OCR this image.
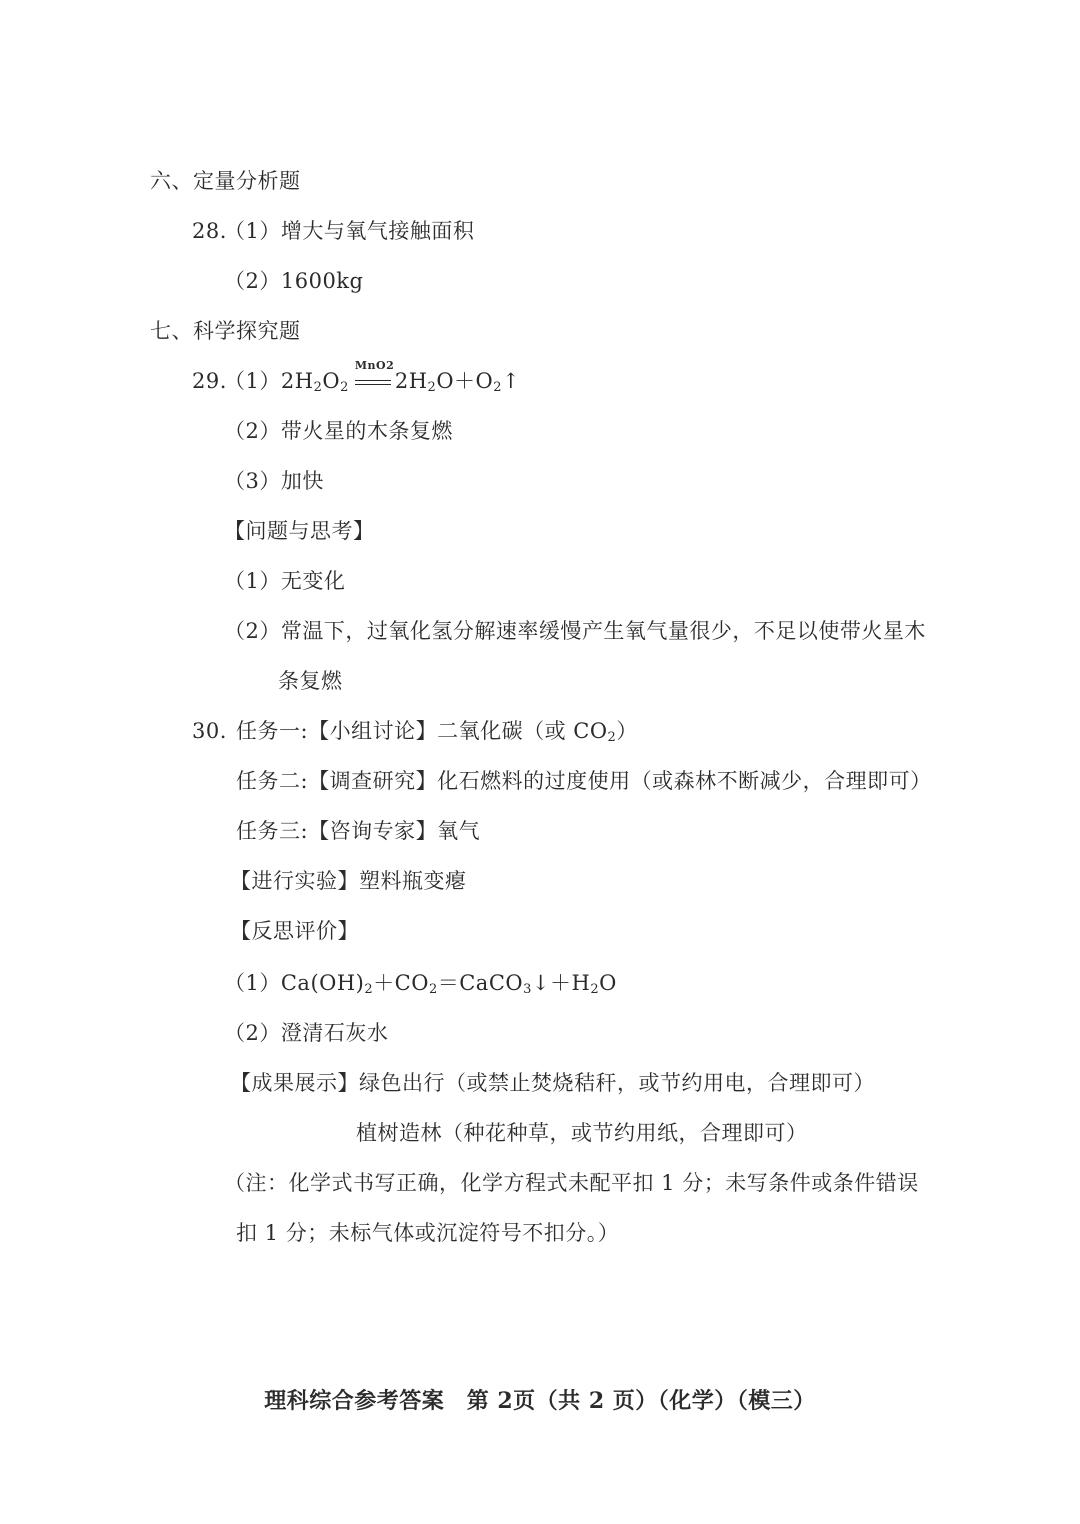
六、定量分析题
28.
（1）增大与氧气接触面积
（2）1600kg
七、科学探究题
29.
$(1)2H_2O_2$
MnO2
$2H_2O+O_2↑$
（2）带火星的木条复燃
（3）加快
【问题与思考】
（1）无变化
（2）常温下，过氧化氢分解速率缓慢产生氧气量很少，不足以使带火星木
条复燃
30. 任务一:【小组讨论】二氧化碳（或 $CO_2$）
任务二:【调查研究】化石燃料的过度使用（或森林不断减少，合理即可）
任务三:【咨询专家】氧气
【进行实验】塑料瓶变瘪
【反思评价】
$(1)Ca(OH)_2+CO_2=CaCO_3↓+H_2O$
（2）澄清石灰水
【成果展示】绿色出行（或禁止焚烧秸秆，或节约用电，合理即可）
植树造林（种花种草，或节约用纸，合理即可）
（注：化学式书写正确，化学方程式未配平扣 1 分；未写条件或条件错误
扣 1 分；未标气体或沉淀符号不扣分。）
理科综合参考答案　第 2页（共 2 页）（化学）（模三）
